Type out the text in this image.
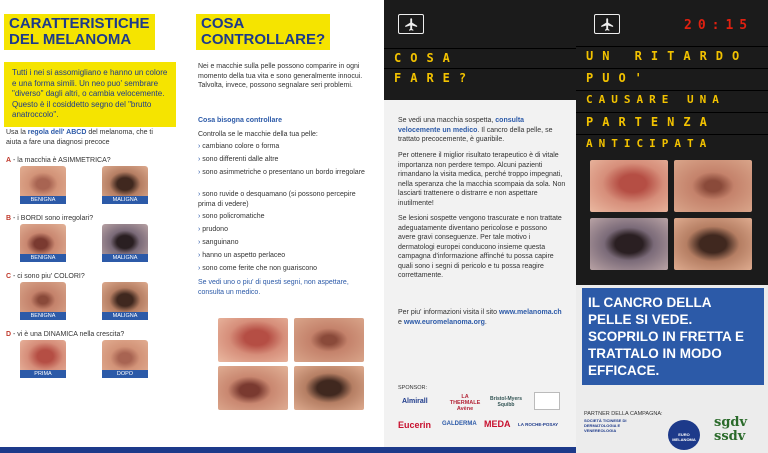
CARATTERISTICHE
DEL MELANOMA
Tutti i nei si assomigliano e hanno un colore e una forma simili. Un neo puo' sembrare "diverso" dagli altri, o cambia velocemente. Questo è il cosiddetto segno del "brutto anatroccolo".
Usa la regola dell' ABCD del melanoma, che ti aiuta a fare una diagnosi precoce
A - la macchia è ASIMMETRICA?
BENIGNA	MALIGNA
B - i BORDI sono irregolari?
BENIGNA	MALIGNA
C - ci sono piu' COLORI?
BENIGNA	MALIGNA
D - vi è una DINAMICA nella crescita?
PRIMA	DOPO
COSA
CONTROLLARE?
Nei e macchie sulla pelle possono comparire in ogni momento della tua vita e sono generalmente innocui. Talvolta, invece, possono segnalare seri problemi.
Cosa bisogna controllare
Controlla se le macchie della tua pelle:
› cambiano colore o forma
› sono differenti dalle altre
› sono asimmetriche o presentano un bordo irregolare
› sono ruvide o desquamano (si possono percepire prima di vedere)
› sono policromatiche
› prudono
› sanguinano
› hanno un aspetto perlaceo
› sono come ferite che non guariscono
Se vedi uno o piu' di questi segni, non aspettare, consulta un medico.
COSA
FARE?
Se vedi una macchia sospetta, consulta velocemente un medico. Il cancro della pelle, se trattato precocemente, è guaribile.
Per ottenere il miglior risultato terapeutico è di vitale importanza non perdere tempo. Alcuni pazienti rimandano la visita medica, perché troppo impegnati, nella speranza che la macchia scompaia da sola. Non lasciarti trattenere o distrarre e non aspettare inutilmente!
Se lesioni sospette vengono trascurate e non trattate adeguatamente diventano pericolose e possono avere gravi conseguenze. Per tale motivo i dermatologi europei conducono insieme questa campagna d'informazione affinché tu possa capire quali sono i segni di pericolo e tu possa reagire correttamente.
Per piu' informazioni visita il sito www.melanoma.ch e www.euromelanoma.org.
SPONSOR:
Almirall
LA THERMALE Avène
Bristol-Myers Squibb
Eucerin GALDERMA MEDA LA ROCHE-POSAY
20:15
UN RITARDO
PUO'
CAUSARE UNA
PARTENZA
ANTICIPATA
IL CANCRO DELLA PELLE SI VEDE. SCOPRILO IN FRETTA E TRATTALO IN MODO EFFICACE.
PARTNER DELLA CAMPAGNA:
SOCIETÀ TICINESE DI DERMATOLOGIA E VENEREOLOGIA
EURO MELANOMA
sgdv ssdv
